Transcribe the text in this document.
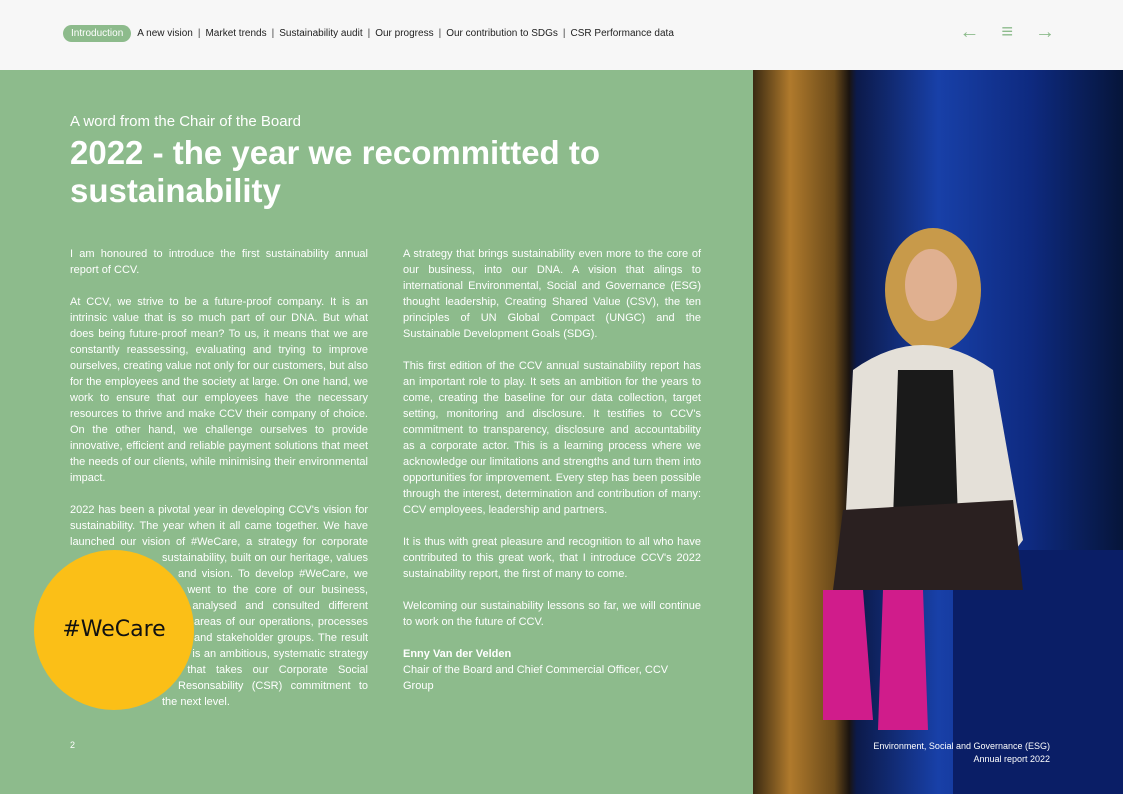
Introduction	A new vision | Market trends | Sustainability audit | Our progress | Our contribution to SDGs | CSR Performance data	← ≡ →
A word from the Chair of the Board
2022 - the year we recommitted to sustainability

I am honoured to introduce the first sustainability annual report of CCV.

At CCV, we strive to be a future-proof company. It is an intrinsic value that is so much part of our DNA. But what does being future-proof mean? To us, it means that we are constantly reassessing, evaluating and trying to improve ourselves, creating value not only for our customers, but also for the employees and the society at large. On one hand, we work to ensure that our employees have the necessary resources to thrive and make CCV their company of choice. On the other hand, we challenge ourselves to provide innovative, efficient and reliable payment solutions that meet the needs of our clients, while minimising their environmental impact.

#WeCare

2022 has been a pivotal year in developing CCV's vision for sustainability. The year when it all came together. We have launched our vision of #WeCare, a strategy for corporate sustainability, built on our heritage, values and vision. To develop #WeCare, we went to the core of our business, analysed and consulted different areas of our operations, processes and stakeholder groups. The result is an ambitious, systematic strategy that takes our Corporate Social Resonsability (CSR) commitment to the next level.

A strategy that brings sustainability even more to the core of our business, into our DNA. A vision that alings to international Environmental, Social and Governance (ESG) thought leadership, Creating Shared Value (CSV), the ten principles of UN Global Compact (UNGC) and the Sustainable Development Goals (SDG).

This first edition of the CCV annual sustainability report has an important role to play. It sets an ambition for the years to come, creating the baseline for our data collection, target setting, monitoring and disclosure. It testifies to CCV's commitment to transparency, disclosure and accountability as a corporate actor. This is a learning process where we acknowledge our limitations and strengths and turn them into opportunities for improvement. Every step has been possible through the interest, determination and contribution of many: CCV employees, leadership and partners.

It is thus with great pleasure and recognition to all who have contributed to this great work, that I introduce CCV's 2022 sustainability report, the first of many to come.

Welcoming our sustainability lessons so far, we will continue to work on the future of CCV.

Enny Van der Velden
Chair of the Board and Chief Commercial Officer, CCV Group
2	Environment, Social and Governance (ESG)
Annual report 2022
